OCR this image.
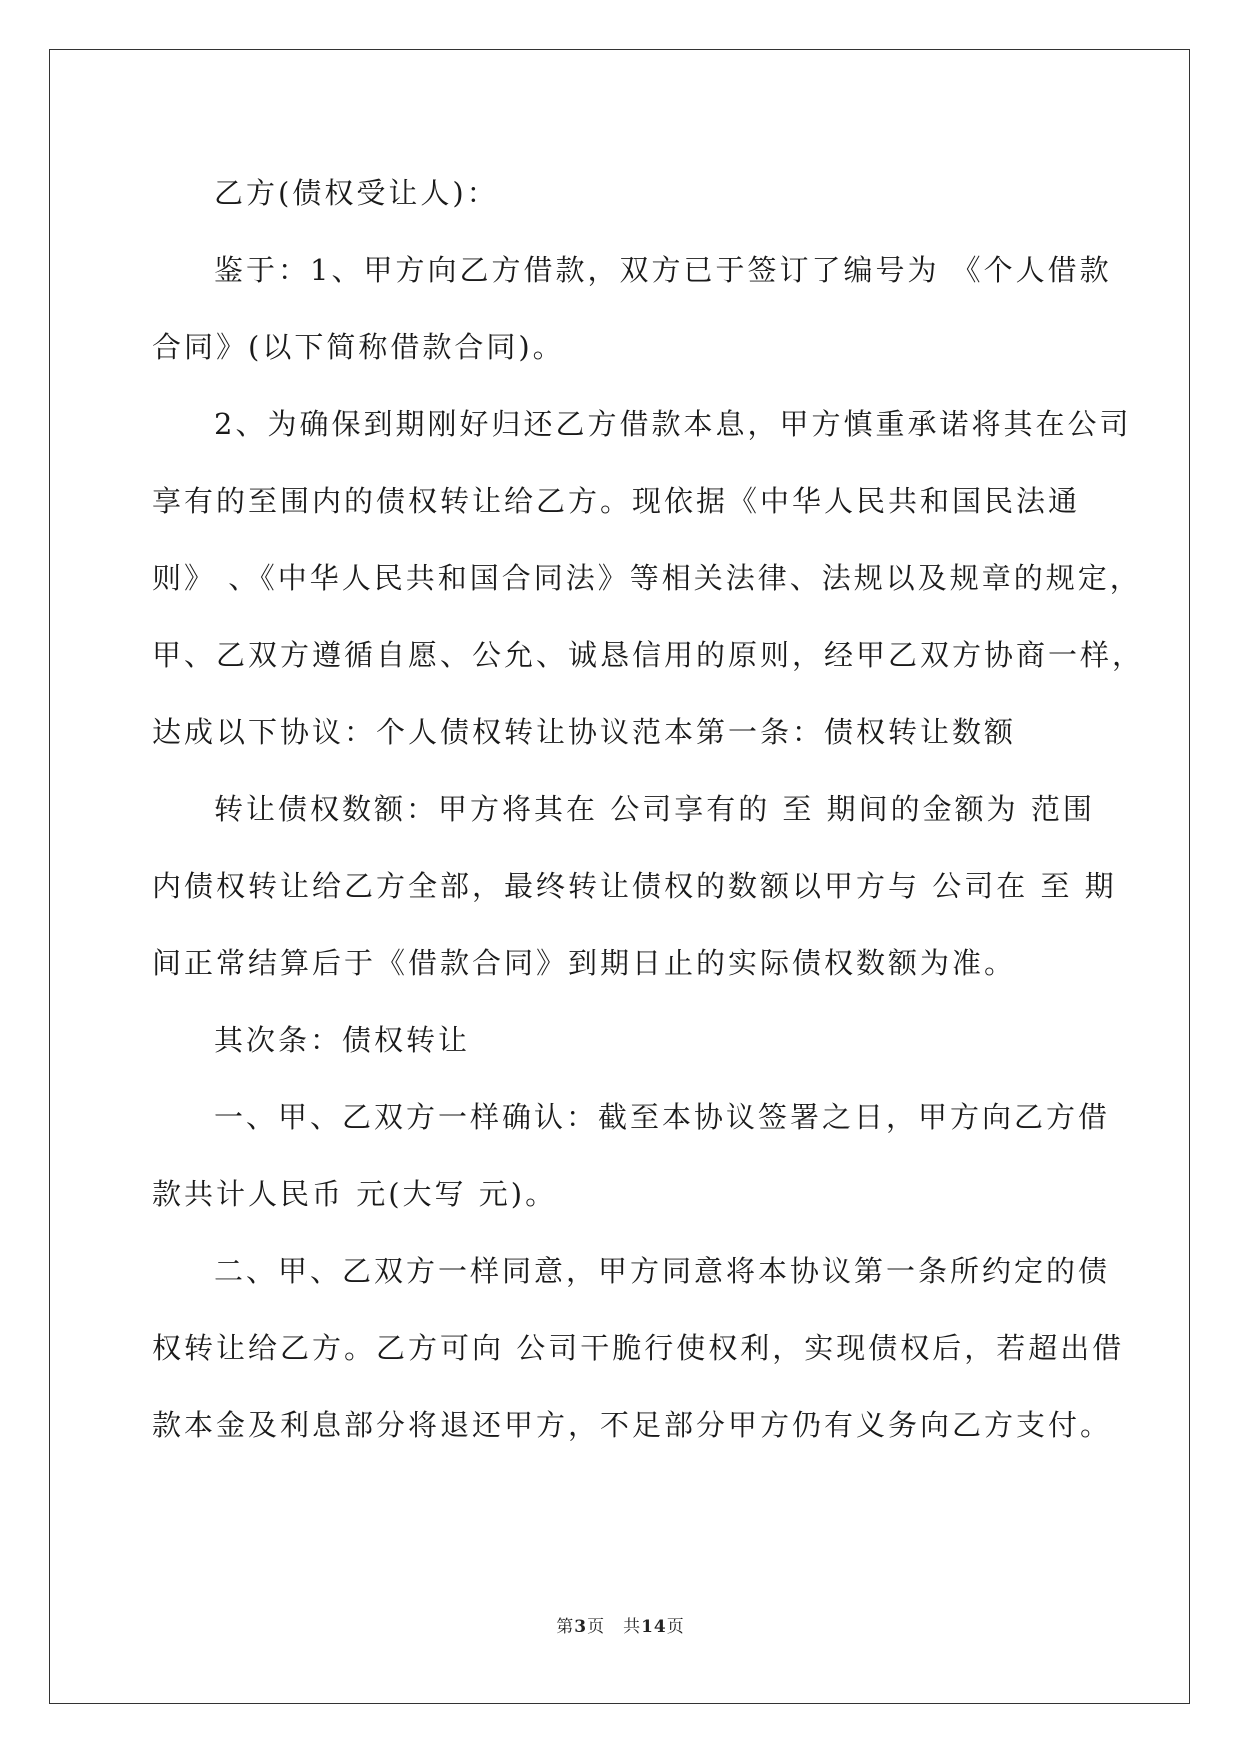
乙方(债权受让人)：
鉴于：1、甲方向乙方借款，双方已于签订了编号为 《个人借款
合同》(以下简称借款合同)。
2、为确保到期刚好归还乙方借款本息，甲方慎重承诺将其在公司
享有的至围内的债权转让给乙方。现依据《中华人民共和国民法通
则》 、《中华人民共和国合同法》等相关法律、法规以及规章的规定，
甲、乙双方遵循自愿、公允、诚恳信用的原则，经甲乙双方协商一样，
达成以下协议：个人债权转让协议范本第一条：债权转让数额
转让债权数额：甲方将其在 公司享有的 至 期间的金额为 范围
内债权转让给乙方全部，最终转让债权的数额以甲方与 公司在 至 期
间正常结算后于《借款合同》到期日止的实际债权数额为准。
其次条：债权转让
一、甲、乙双方一样确认：截至本协议签署之日，甲方向乙方借
款共计人民币 元(大写 元)。
二、甲、乙双方一样同意，甲方同意将本协议第一条所约定的债
权转让给乙方。乙方可向 公司干脆行使权利，实现债权后，若超出借
款本金及利息部分将退还甲方，不足部分甲方仍有义务向乙方支付。
第3页　共14页
